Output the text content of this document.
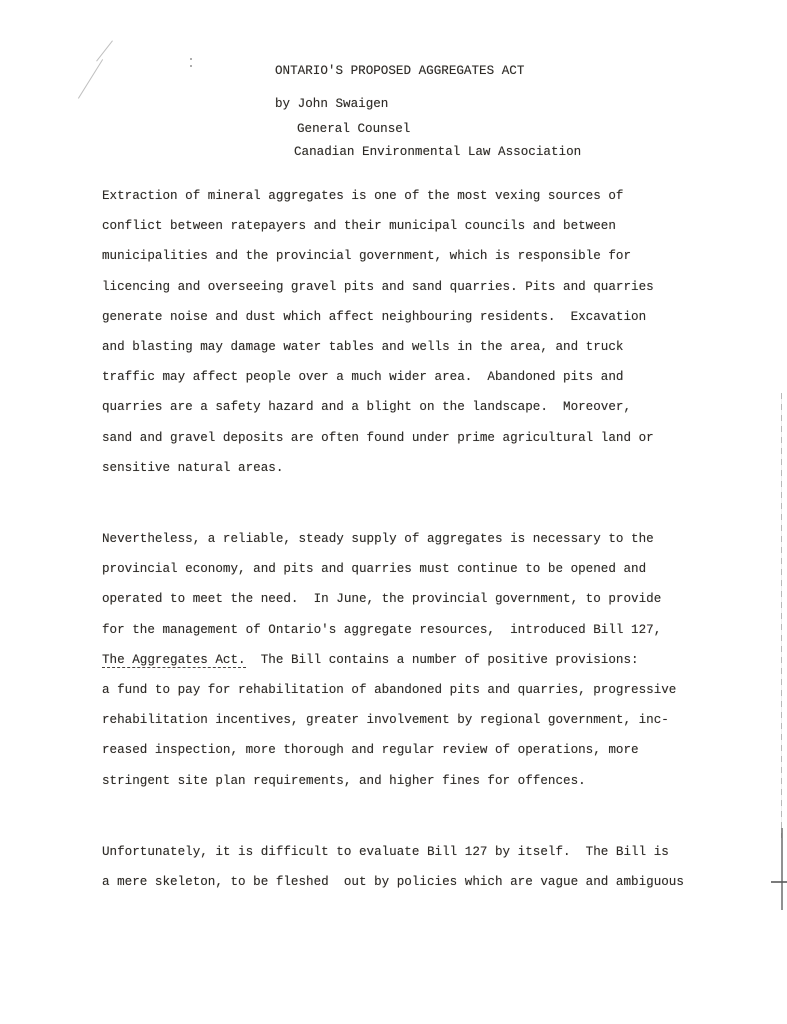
ONTARIO'S PROPOSED AGGREGATES ACT
by John Swaigen
General Counsel
Canadian Environmental Law Association
Extraction of mineral aggregates is one of the most vexing sources of
conflict between ratepayers and their municipal councils and between
municipalities and the provincial government, which is responsible for
licencing and overseeing gravel pits and sand quarries. Pits and quarries
generate noise and dust which affect neighbouring residents.  Excavation
and blasting may damage water tables and wells in the area, and truck
traffic may affect people over a much wider area.  Abandoned pits and
quarries are a safety hazard and a blight on the landscape.  Moreover,
sand and gravel deposits are often found under prime agricultural land or
sensitive natural areas.
Nevertheless, a reliable, steady supply of aggregates is necessary to the
provincial economy, and pits and quarries must continue to be opened and
operated to meet the need.  In June, the provincial government, to provide
for the management of Ontario's aggregate resources,  introduced Bill 127,
The Aggregates Act.  The Bill contains a number of positive provisions:
a fund to pay for rehabilitation of abandoned pits and quarries, progressive
rehabilitation incentives, greater involvement by regional government, inc-
reased inspection, more thorough and regular review of operations, more
stringent site plan requirements, and higher fines for offences.
Unfortunately, it is difficult to evaluate Bill 127 by itself.  The Bill is
a mere skeleton, to be fleshed  out by policies which are vague and ambiguous
